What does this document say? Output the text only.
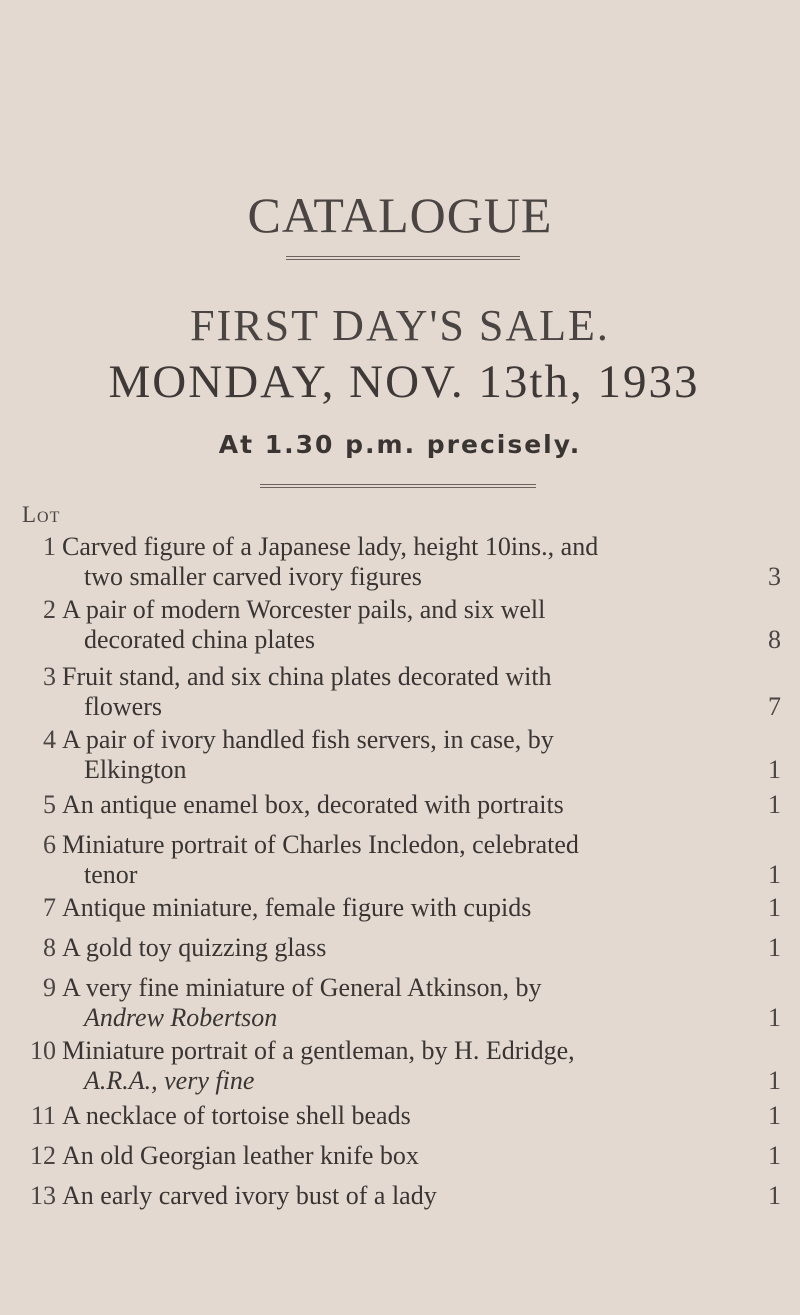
CATALOGUE
FIRST DAY'S SALE.
MONDAY, NOV. 13th, 1933
At 1.30 p.m. precisely.
Lot
1 Carved figure of a Japanese lady, height 10ins., and
two smaller carved ivory figures	3
2 A pair of modern Worcester pails, and six well
decorated china plates	8
3 Fruit stand, and six china plates decorated with
flowers	7
4 A pair of ivory handled fish servers, in case, by
Elkington	1
5 An antique enamel box, decorated with portraits	1
6 Miniature portrait of Charles Incledon, celebrated
tenor	1
7 Antique miniature, female figure with cupids	1
8 A gold toy quizzing glass	1
9 A very fine miniature of General Atkinson, by
Andrew Robertson	1
10 Miniature portrait of a gentleman, by H. Edridge,
A.R.A., very fine	1
11 A necklace of tortoise shell beads	1
12 An old Georgian leather knife box	1
13 An early carved ivory bust of a lady	1
